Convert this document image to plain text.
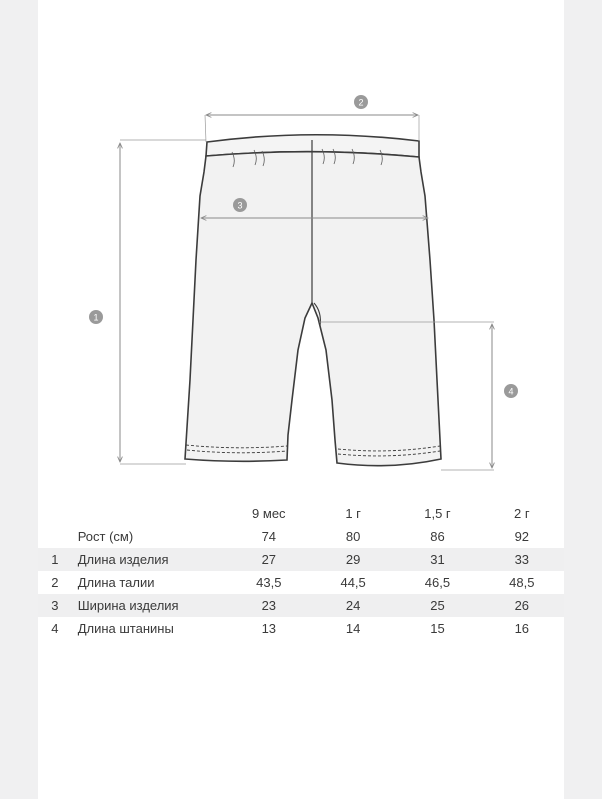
1
2
3
4
		9 мес	1 г	1,5 г	2 г
	Рост (см)	74	80	86	92
1	Длина изделия	27	29	31	33
2	Длина талии	43,5	44,5	46,5	48,5
3	Ширина изделия	23	24	25	26
4	Длина штанины	13	14	15	16
